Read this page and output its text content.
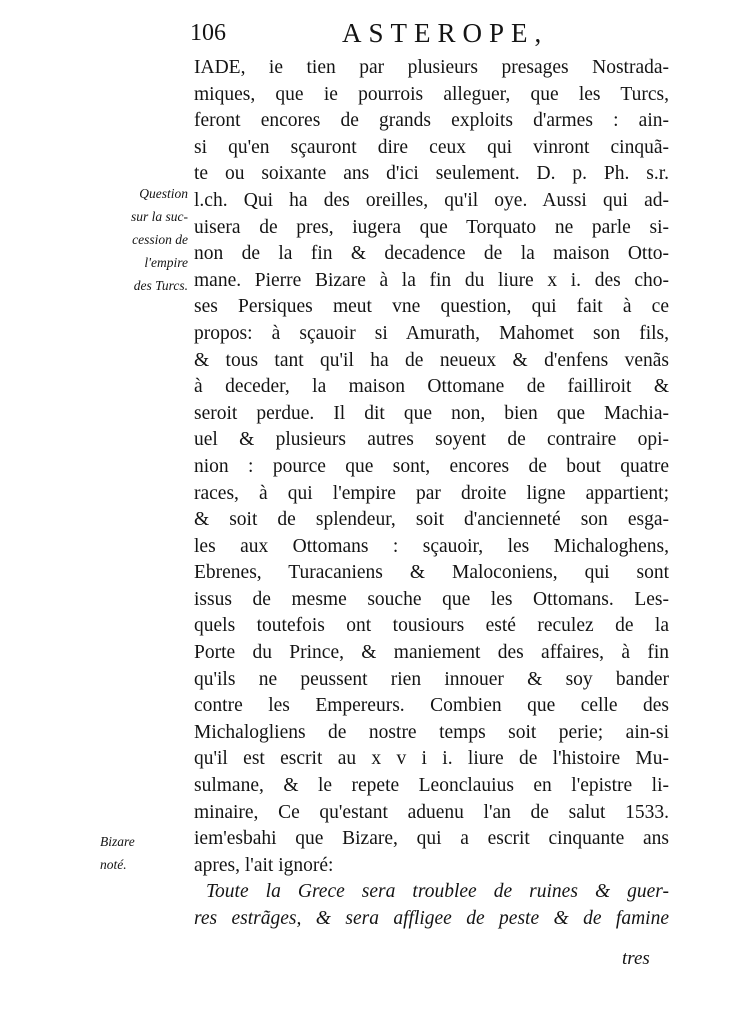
106	ASTEROPE,
Question
sur la suc-
cession de
l'empire
des Turcs.
Bizare
noté.
IADE, ie tien par plusieurs presages Nostrada-
miques, que ie pourrois alleguer, que les Turcs,
feront encores de grands exploits d'armes : ain-
si qu'en sçauront dire ceux qui vinront cinquã-
te ou soixante ans d'ici seulement. D. p. Ph. s.r.
l.ch. Qui ha des oreilles, qu'il oye. Aussi qui ad-
uisera de pres, iugera que Torquato ne parle si-
non de la fin & decadence de la maison Otto-
mane. Pierre Bizare à la fin du liure x i. des cho-
ses Persiques meut vne question, qui fait à ce
propos: à sçauoir si Amurath, Mahomet son fils,
& tous tant qu'il ha de neueux & d'enfens venãs
à deceder, la maison Ottomane de failliroit &
seroit perdue. Il dit que non, bien que Machia-
uel & plusieurs autres soyent de contraire opi-
nion : pource que sont, encores de bout quatre
races, à qui l'empire par droite ligne appartient;
& soit de splendeur, soit d'ancienneté son esga-
les aux Ottomans : sçauoir, les Michaloghens,
Ebrenes, Turacaniens & Maloconiens, qui sont
issus de mesme souche que les Ottomans. Les-
quels toutefois ont tousiours esté reculez de la
Porte du Prince, & maniement des affaires, à fin
qu'ils ne peussent rien innouer & soy bander
contre les Empereurs. Combien que celle des
Michalogliens de nostre temps soit perie; ain-si
qu'il est escrit au x v i i. liure de l'histoire Mu-
sulmane, & le repete Leonclauius en l'epistre li-
minaire, Ce qu'estant aduenu l'an de salut 1533.
iem'esbahi que Bizare, qui a escrit cinquante ans
apres, l'ait ignoré:
Toute la Grece sera troublee de ruines & guer-
res estrãges, & sera affligee de peste & de famine
tres
